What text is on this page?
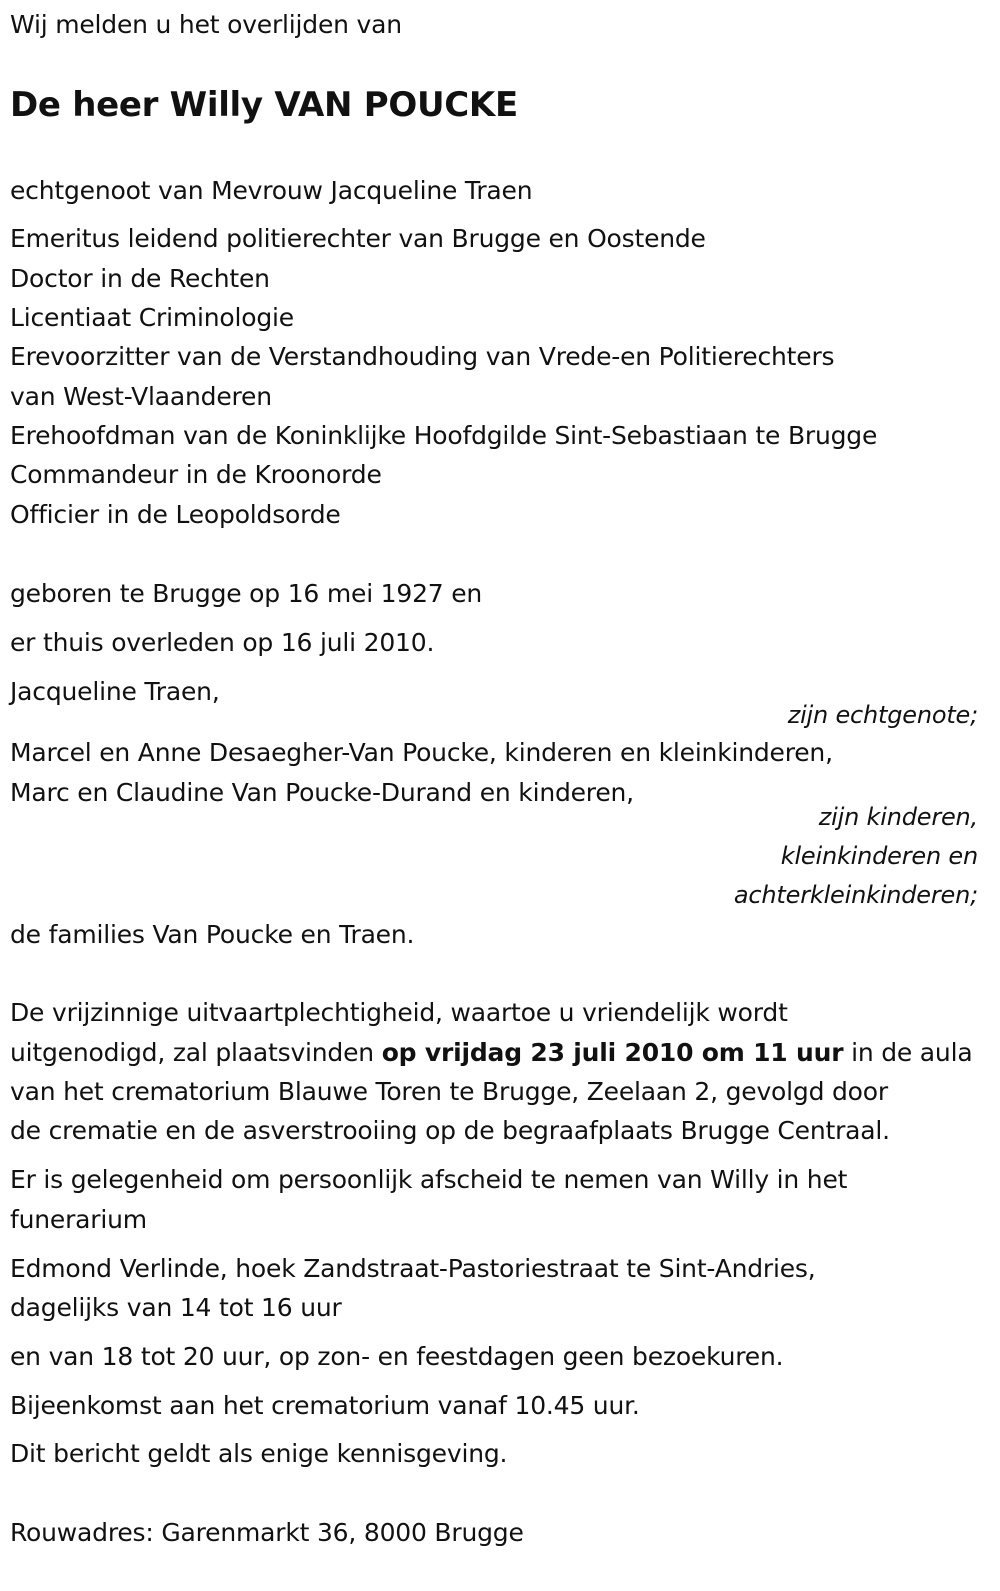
Wij melden u het overlijden van
De heer Willy VAN POUCKE
echtgenoot van Mevrouw Jacqueline Traen
Emeritus leidend politierechter van Brugge en Oostende
Doctor in de Rechten
Licentiaat Criminologie
Erevoorzitter van de Verstandhouding van Vrede-en Politierechters
van West-Vlaanderen
Erehoofdman van de Koninklijke Hoofdgilde Sint-Sebastiaan te Brugge
Commandeur in de Kroonorde
Officier in de Leopoldsorde
geboren te Brugge op 16 mei 1927 en
er thuis overleden op 16 juli 2010.
Jacqueline Traen,
zijn echtgenote;
Marcel en Anne Desaegher-Van Poucke, kinderen en kleinkinderen,
Marc en Claudine Van Poucke-Durand en kinderen,
zijn kinderen,
kleinkinderen en
achterkleinkinderen;
de families Van Poucke en Traen.
De vrijzinnige uitvaartplechtigheid, waartoe u vriendelijk wordt
uitgenodigd, zal plaatsvinden op vrijdag 23 juli 2010 om 11 uur in de aula
van het crematorium Blauwe Toren te Brugge, Zeelaan 2, gevolgd door
de crematie en de asverstrooiing op de begraafplaats Brugge Centraal.
Er is gelegenheid om persoonlijk afscheid te nemen van Willy in het
funerarium
Edmond Verlinde, hoek Zandstraat-Pastoriestraat te Sint-Andries,
dagelijks van 14 tot 16 uur
en van 18 tot 20 uur, op zon- en feestdagen geen bezoekuren.
Bijeenkomst aan het crematorium vanaf 10.45 uur.
Dit bericht geldt als enige kennisgeving.
Rouwadres: Garenmarkt 36, 8000 Brugge
